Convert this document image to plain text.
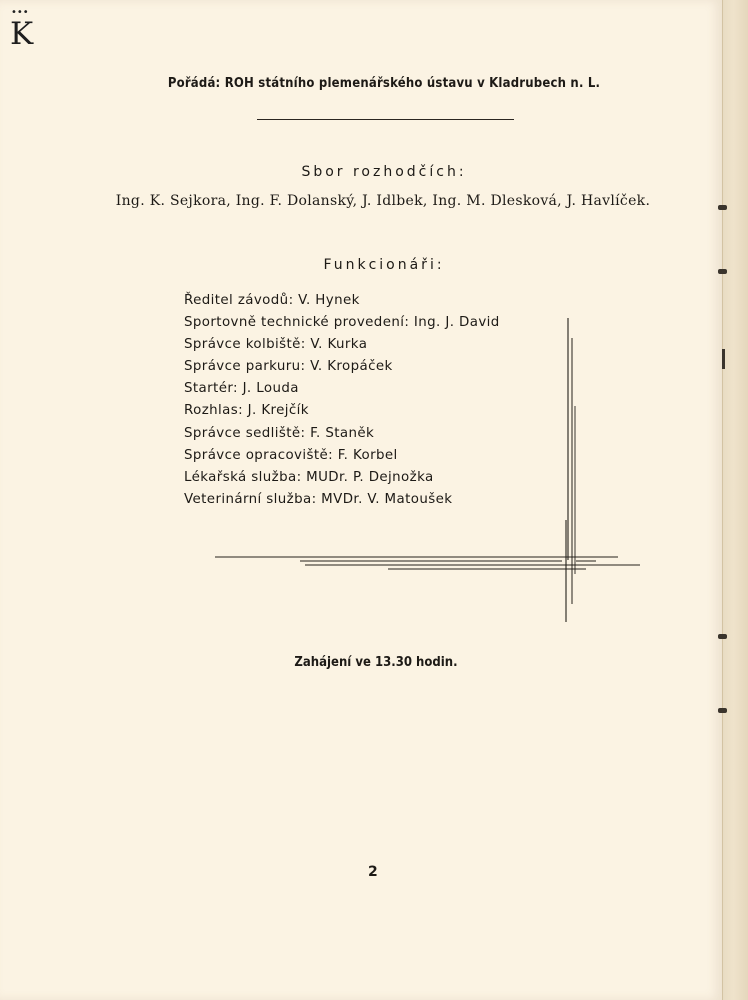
•••
K
Pořádá: ROH státního plemenářského ústavu v Kladrubech n. L.
Sbor rozhodčích:
Ing. K. Sejkora, Ing. F. Dolanský, J. Idlbek, Ing. M. Dlesková, J. Havlíček.
Funkcionáři:
Ředitel závodů: V. Hynek
Sportovně technické provedení: Ing. J. David
Správce kolbiště: V. Kurka
Správce parkuru: V. Kropáček
Startér: J. Louda
Rozhlas: J. Krejčík
Správce sedliště: F. Staněk
Správce opracoviště: F. Korbel
Lékařská služba: MUDr. P. Dejnožka
Veterinární služba: MVDr. V. Matoušek
Zahájení ve 13.30 hodin.
2
